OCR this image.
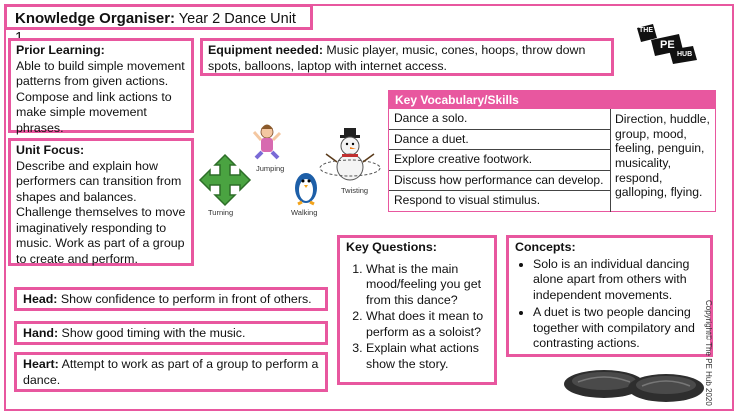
Knowledge Organiser: Year 2 Dance Unit
Prior Learning:
Able to build simple movement patterns from given actions. Compose and link actions to make simple movement phrases.
Equipment needed: Music player, music, cones, hoops, throw down spots, balloons, laptop with internet access.
Unit Focus:
Describe and explain how performers can transition from shapes and balances. Challenge themselves to move imaginatively responding to music. Work as part of a group to create and perform.
Jumping
Turning
Twisting
Walking
Key Vocabulary/Skills
Dance a solo.
Dance a duet.
Explore creative footwork.
Discuss how performance can develop.
Respond to visual stimulus.
Direction, huddle, group, mood, feeling, penguin, musicality, respond, galloping, flying.
THE
PE
HUB
Head: Show confidence to perform in front of others.
Hand: Show good timing with the music.
Heart: Attempt to work as part of a group to perform a dance.
Key Questions:
1. What is the main mood/feeling you get from this dance?
2. What does it mean to perform as a soloist?
3. Explain what actions show the story.
Concepts:
• Solo is an individual dancing alone apart from others with independent movements.
• A duet is two people dancing together with compilatory and contrasting actions.	Copyright© The PE Hub 2020
